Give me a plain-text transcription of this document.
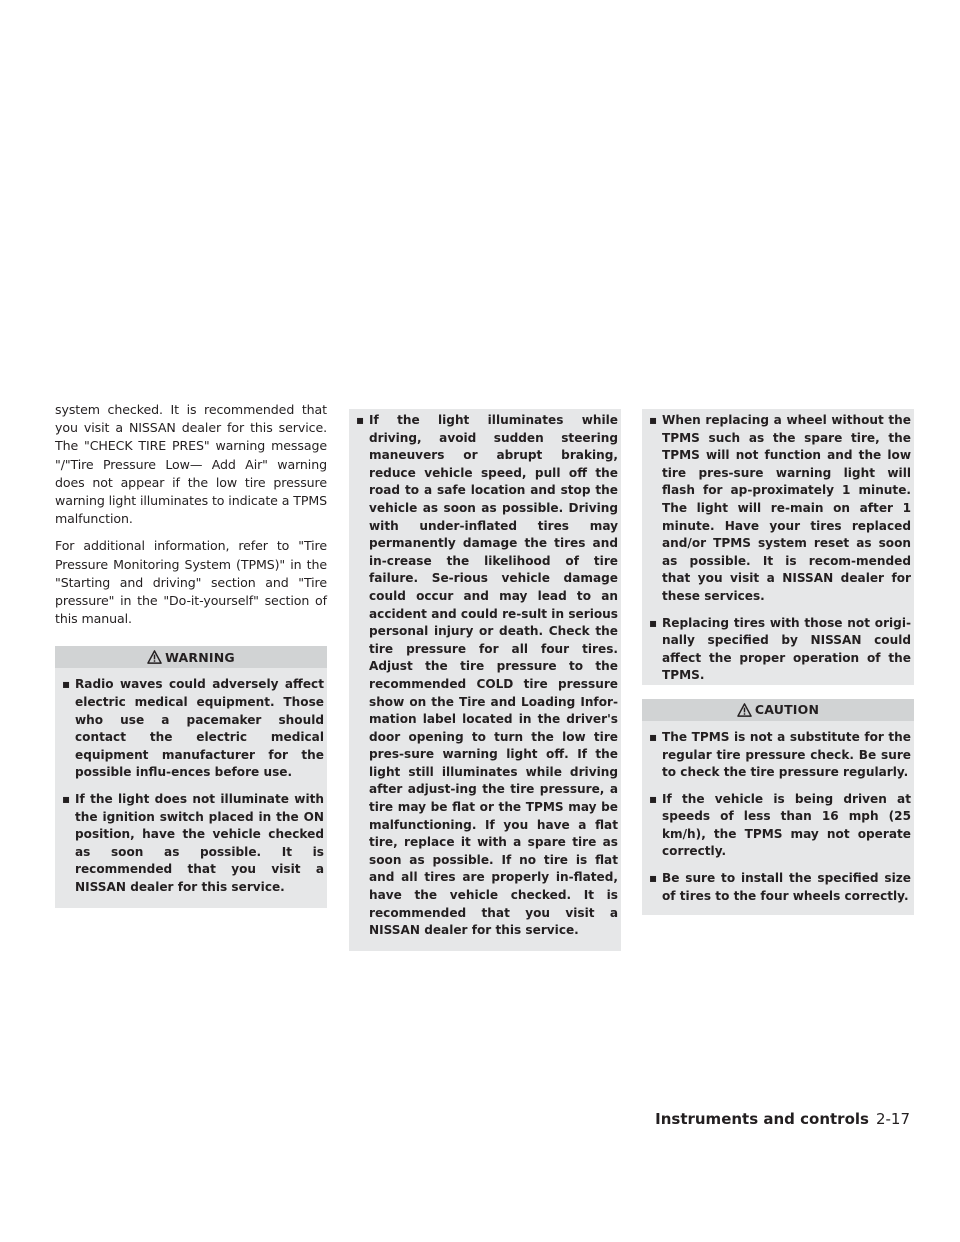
system checked. It is recommended that you visit a NISSAN dealer for this service. The "CHECK TIRE PRES" warning message "/"Tire Pressure Low— Add Air" warning does not appear if the low tire pressure warning light illuminates to indicate a TPMS malfunction.

For additional information, refer to "Tire Pressure Monitoring System (TPMS)" in the "Starting and driving" section and "Tire pressure" in the "Do-it-yourself" section of this manual.

WARNING
▪ Radio waves could adversely affect electric medical equipment. Those who use a pacemaker should contact the electric medical equipment manufacturer for the possible influ-ences before use.
▪ If the light does not illuminate with the ignition switch placed in the ON position, have the vehicle checked as soon as possible. It is recommended that you visit a NISSAN dealer for this service.
▪ If the light illuminates while driving, avoid sudden steering maneuvers or abrupt braking, reduce vehicle speed, pull off the road to a safe location and stop the vehicle as soon as possible. Driving with under-inflated tires may permanently damage the tires and in-crease the likelihood of tire failure. Se-rious vehicle damage could occur and may lead to an accident and could re-sult in serious personal injury or death. Check the tire pressure for all four tires. Adjust the tire pressure to the recommended COLD tire pressure show on the Tire and Loading Infor-mation label located in the driver's door opening to turn the low tire pres-sure warning light off. If the light still illuminates while driving after adjust-ing the tire pressure, a tire may be flat or the TPMS may be malfunctioning. If you have a flat tire, replace it with a spare tire as soon as possible. If no tire is flat and all tires are properly in-flated, have the vehicle checked. It is recommended that you visit a NISSAN dealer for this service.
▪ When replacing a wheel without the TPMS such as the spare tire, the TPMS will not function and the low tire pres-sure warning light will flash for ap-proximately 1 minute. The light will re-main on after 1 minute. Have your tires replaced and/or TPMS system reset as soon as possible. It is recom-mended that you visit a NISSAN dealer for these services.
▪ Replacing tires with those not origi-nally specified by NISSAN could affect the proper operation of the TPMS.
CAUTION
▪ The TPMS is not a substitute for the regular tire pressure check. Be sure to check the tire pressure regularly.
▪ If the vehicle is being driven at speeds of less than 16 mph (25 km/h), the TPMS may not operate correctly.
▪ Be sure to install the specified size of tires to the four wheels correctly.
Instruments and controls 2-17
